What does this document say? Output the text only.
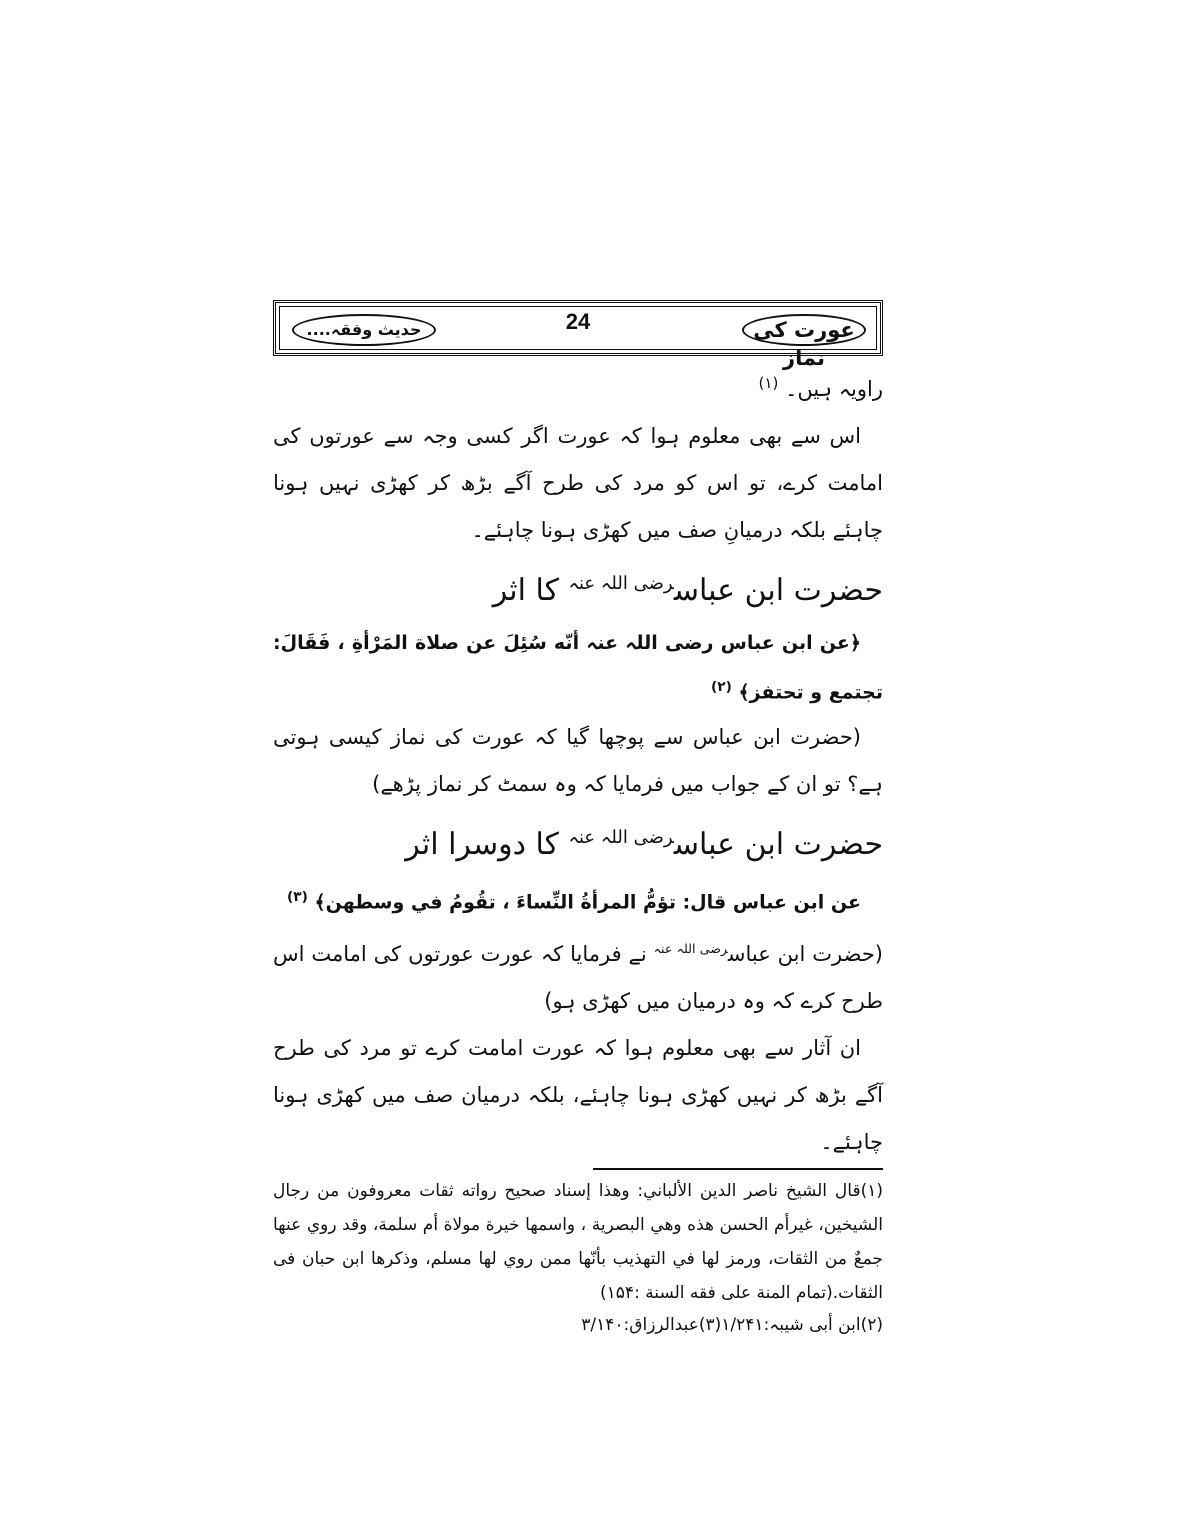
عورت کی نماز
24
حدیث وفقہ....

راویہ ہیں۔ $^{(۱)}$

اس سے بھی معلوم ہوا کہ عورت اگر کسی وجہ سے عورتوں کی امامت کرے، تو اس کو مرد کی طرح آگے بڑھ کر کھڑی نہیں ہونا چاہئے بلکہ درمیانِ صف میں کھڑی ہونا چاہئے۔

حضرت ابن عباس$^{رضی اللہ عنہ}$ کا اثر

﴿عن ابن عباس رضی اللہ عنہ أنّه سُئِلَ عن صلاة المَرْأةِ ، فَقَالَ: تجتمع و تحتفز﴾ $^{(۲)}$

(حضرت ابن عباس سے پوچھا گیا کہ عورت کی نماز کیسی ہوتی ہے؟ تو ان کے جواب میں فرمایا کہ وہ سمٹ کر نماز پڑھے)

حضرت ابن عباس$^{رضی اللہ عنہ}$ کا دوسرا اثر

عن ابن عباس قال: تؤمُّ المرأةُ النِّساءَ ، تقُومُ في وسطهن﴾ $^{(۳)}$

(حضرت ابن عباس$^{رضی اللہ عنہ}$ نے فرمایا کہ عورت عورتوں کی امامت اس طرح کرے کہ وہ درمیان میں کھڑی ہو)

ان آثار سے بھی معلوم ہوا کہ عورت امامت کرے تو مرد کی طرح آگے بڑھ کر نہیں کھڑی ہونا چاہئے، بلکہ درمیان صف میں کھڑی ہونا چاہئے۔

(۱)قال الشيخ ناصر الدين الألباني: وهذا إسناد صحيح رواته ثقات معروفون من رجال الشيخين، غيرأم الحسن هذه وهي البصرية ، واسمها خيرة مولاة أم سلمة، وقد روي عنها جمعٌ من الثقات، ورمز لها في التهذيب بأنّها ممن روي لها مسلم، وذكرها ابن حبان فی الثقات.(تمام المنة علی فقه السنة :۱۵۴)

(۲)ابن أبی شیبہ:۱/۲۴۱(۳)عبدالرزاق:۳/۱۴۰
